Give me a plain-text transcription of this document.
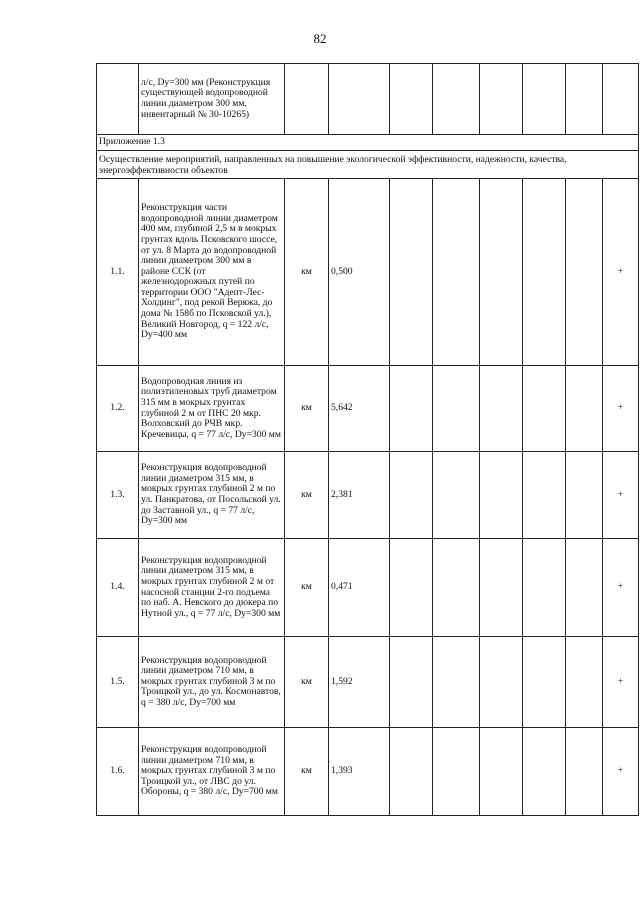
82
	л/с, Dу=300 мм (Реконструкция существующей водопроводной линии диаметром 300 мм, инвентарный № 30-10265)								
Приложение 1.3									
Осуществление мероприятий, направленных на повышение экологической эффективности, надежности, качества, энергоэффективности объектов									
1.1.	Реконструкция части водопроводной линии диаметром 400 мм, глубиной 2,5 м в мокрых грунтах вдоль Псковского шоссе, от ул. 8 Марта до водопроводной линии диаметром 300 мм в районе ССК (от железнодорожных путей по территории ООО "Адепт-Лес-Холдинг", под рекой Веряжа, до дома № 158б по Псковской ул.), Великий Новгород, q = 122 л/с, Dу=400 мм	км	0,500						+
1.2.	Водопроводная линия из полиэтиленовых труб диаметром 315 мм в мокрых грунтах глубиной 2 м от ПНС 20 мкр. Волховский до РЧВ мкр. Кречевицы, q = 77 л/с, Dу=300 мм	км	5,642						+
1.3.	Реконструкция водопроводной линии диаметром 315 мм, в мокрых грунтах глубиной 2 м по ул. Панкратова, от Посольской ул. до Заставной ул., q = 77 л/с, Dу=300 мм	км	2,381						+
1.4.	Реконструкция водопроводной линии диаметром 315 мм, в мокрых грунтах глубиной 2 м от насосной станции 2-го подъема по наб. А. Невского до дюкера по Нутной ул., q = 77 л/с, Dу=300 мм	км	0,471						+
1.5.	Реконструкция водопроводной линии диаметром 710 мм, в мокрых грунтах глубиной 3 м по Троицкой ул., до ул. Космонавтов, q = 380 л/с, Dу=700 мм	км	1,592						+
1.6.	Реконструкция водопроводной линии диаметром 710 мм, в мокрых грунтах глубиной 3 м по Троицкой ул., от ЛВС до ул. Обороны, q = 380 л/с, Dу=700 мм	км	1,393						+
